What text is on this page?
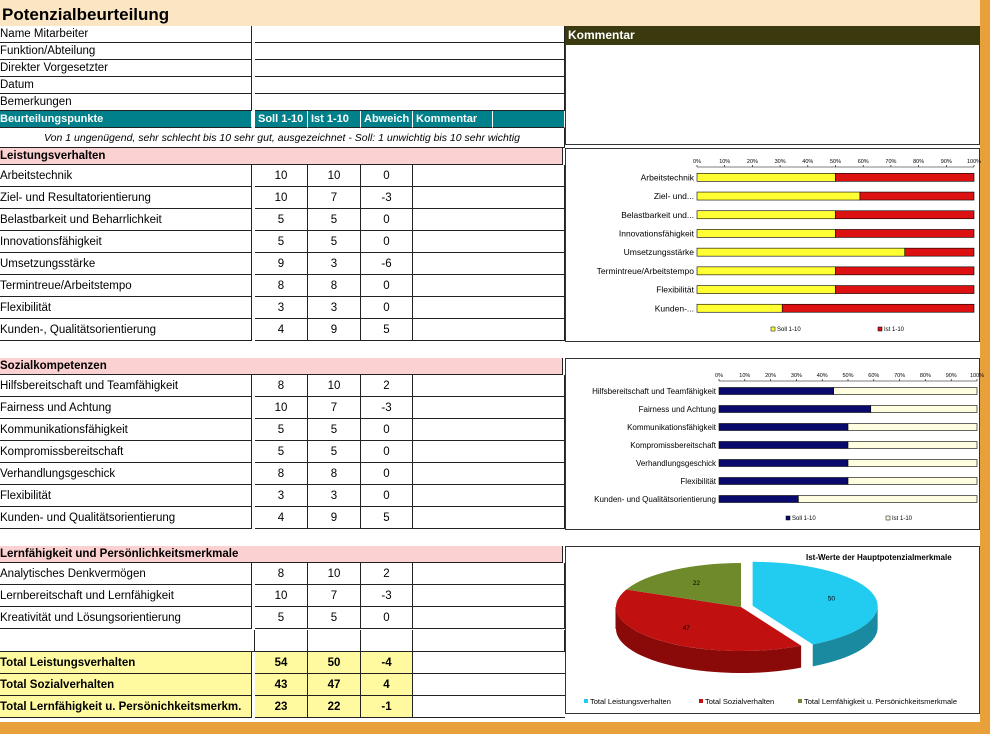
Potenzialbeurteilung
Name Mitarbeiter
Funktion/Abteilung
Direkter Vorgesetzter
Datum
Bemerkungen
Beurteilungspunkte	Soll 1-10 Ist 1-10	Abweich Kommentar
Von 1 ungenügend, sehr schlecht bis 10 sehr gut, ausgezeichnet - Soll: 1 unwichtig bis 10 sehr wichtig
Leistungsverhalten
Arbeitstechnik	10	10	0
Ziel- und Resultatorientierung	10	7	-3
Belastbarkeit und Beharrlichkeit	5	5	0
Innovationsfähigkeit	5	5	0
Umsetzungsstärke	9	3	-6
Termintreue/Arbeitstempo	8	8	0
Flexibilität	3	3	0
Kunden-, Qualitätsorientierung	4	9	5
Sozialkompetenzen
Hilfsbereitschaft und Teamfähigkeit	8	10	2
Fairness und Achtung	10	7	-3
Kommunikationsfähigkeit	5	5	0
Kompromissbereitschaft	5	5	0
Verhandlungsgeschick	8	8	0
Flexibilität	3	3	0
Kunden- und Qualitätsorientierung	4	9	5
Lernfähigkeit und Persönlichkeitsmerkmale
Analytisches Denkvermögen	8	10	2
Lernbereitschaft und Lernfähigkeit	10	7	-3
Kreativität und Lösungsorientierung	5	5	0
Total Leistungsverhalten	54	50	-4
Total Sozialverhalten	43	47	4
Total Lernfähigkeit u. Persönichkeitsmerkm.	23	22	-1
Kommentar
0%	10%	20%	30%	40%	50%	60%	70%	80%	90%	100%
Arbeitstechnik
Ziel- und...
Belastbarkeit und...
Innovationsfähigkeit
Umsetzungsstärke
Termintreue/Arbeitstempo
Flexibilität
Kunden-...
Soll 1-10	Ist 1-10
0%	10%	20%	30%	40%	50%	60%	70%	80%	90% 100%
Hilfsbereitschaft und Teamfähigkeit
Fairness und Achtung
Kommunikationsfähigkeit
Kompromissbereitschaft
Verhandlungsgeschick
Flexibilität
Kunden- und Qualitätsorientierung
Soll 1-10	Ist 1-10
Ist-Werte der Hauptpotenzialmerkmale
50
47
22
Total Leistungsverhalten	Total Sozialverhalten	Total Lernfähigkeit u. Persönichkeitsmerkmale
